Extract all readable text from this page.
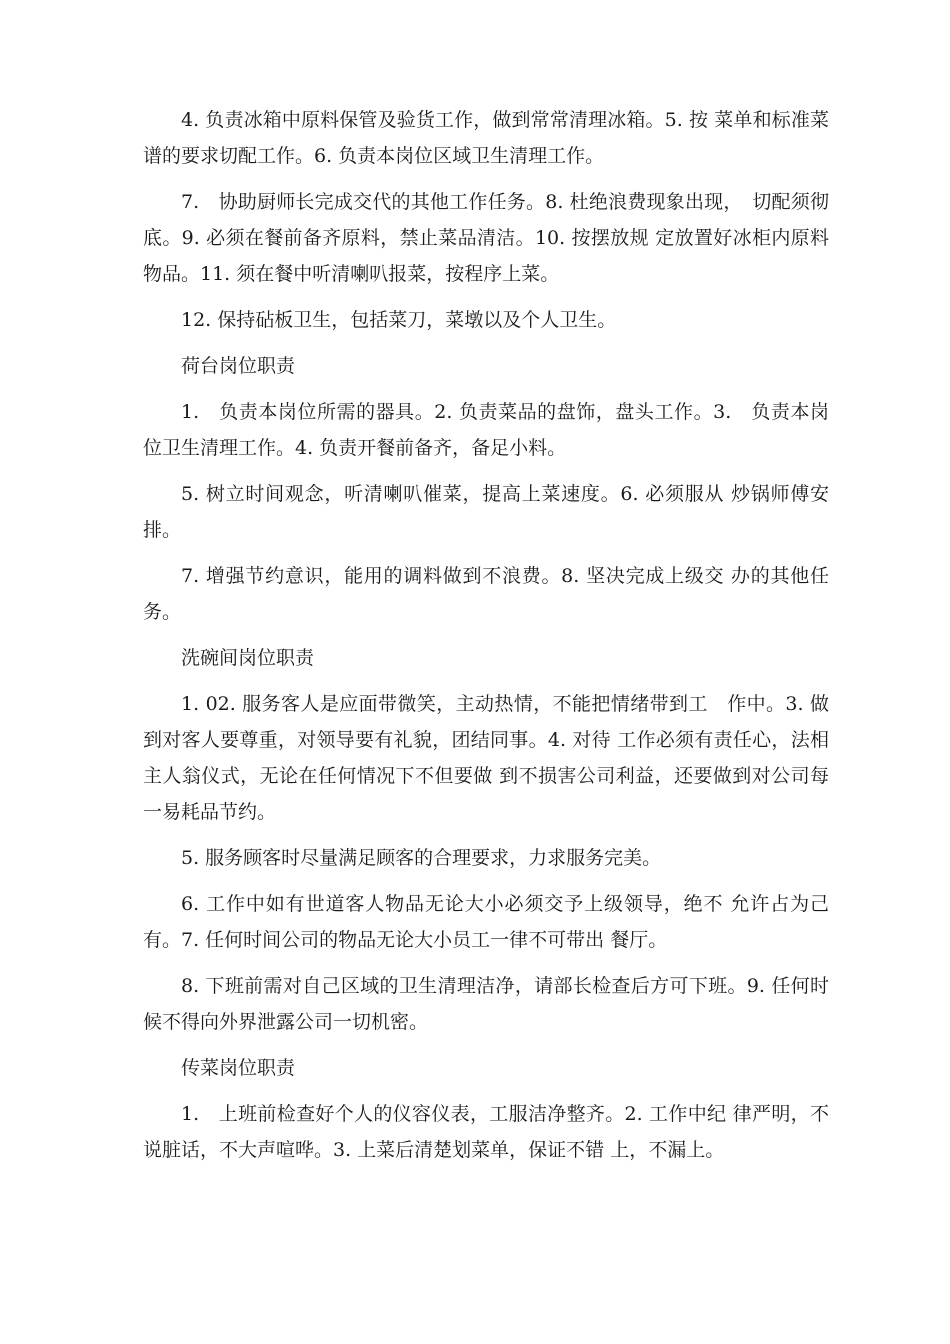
4. 负责冰箱中原料保管及验货工作，做到常常清理冰箱。5. 按 菜单和标准菜谱的要求切配工作。6. 负责本岗位区域卫生清理工作。

7.　协助厨师长完成交代的其他工作任务。8. 杜绝浪费现象出现，　切配须彻底。9. 必须在餐前备齐原料，禁止菜品清洁。10. 按摆放规 定放置好冰柜内原料物品。11. 须在餐中听清喇叭报菜，按程序上菜。

12. 保持砧板卫生，包括菜刀，菜墩以及个人卫生。

荷台岗位职责

1.　负责本岗位所需的器具。2. 负责菜品的盘饰，盘头工作。3.　负责本岗位卫生清理工作。4. 负责开餐前备齐，备足小料。

5. 树立时间观念，听清喇叭催菜，提高上菜速度。6. 必须服从 炒锅师傅安排。

7. 增强节约意识，能用的调料做到不浪费。8. 坚决完成上级交 办的其他任务。

洗碗间岗位职责

1. 02. 服务客人是应面带微笑，主动热情，不能把情绪带到工　作中。3. 做到对客人要尊重，对领导要有礼貌，团结同事。4. 对待 工作必须有责任心，法相主人翁仪式，无论在任何情况下不但要做 到不损害公司利益，还要做到对公司每一易耗品节约。

5. 服务顾客时尽量满足顾客的合理要求，力求服务完美。

6. 工作中如有世道客人物品无论大小必须交予上级领导，绝不 允许占为己有。7. 任何时间公司的物品无论大小员工一律不可带出 餐厅。

8. 下班前需对自己区域的卫生清理洁净，请部长检查后方可下班。9. 任何时候不得向外界泄露公司一切机密。

传菜岗位职责

1.　上班前检查好个人的仪容仪表，工服洁净整齐。2. 工作中纪 律严明，不说脏话，不大声喧哗。3. 上菜后清楚划菜单，保证不错 上，不漏上。
